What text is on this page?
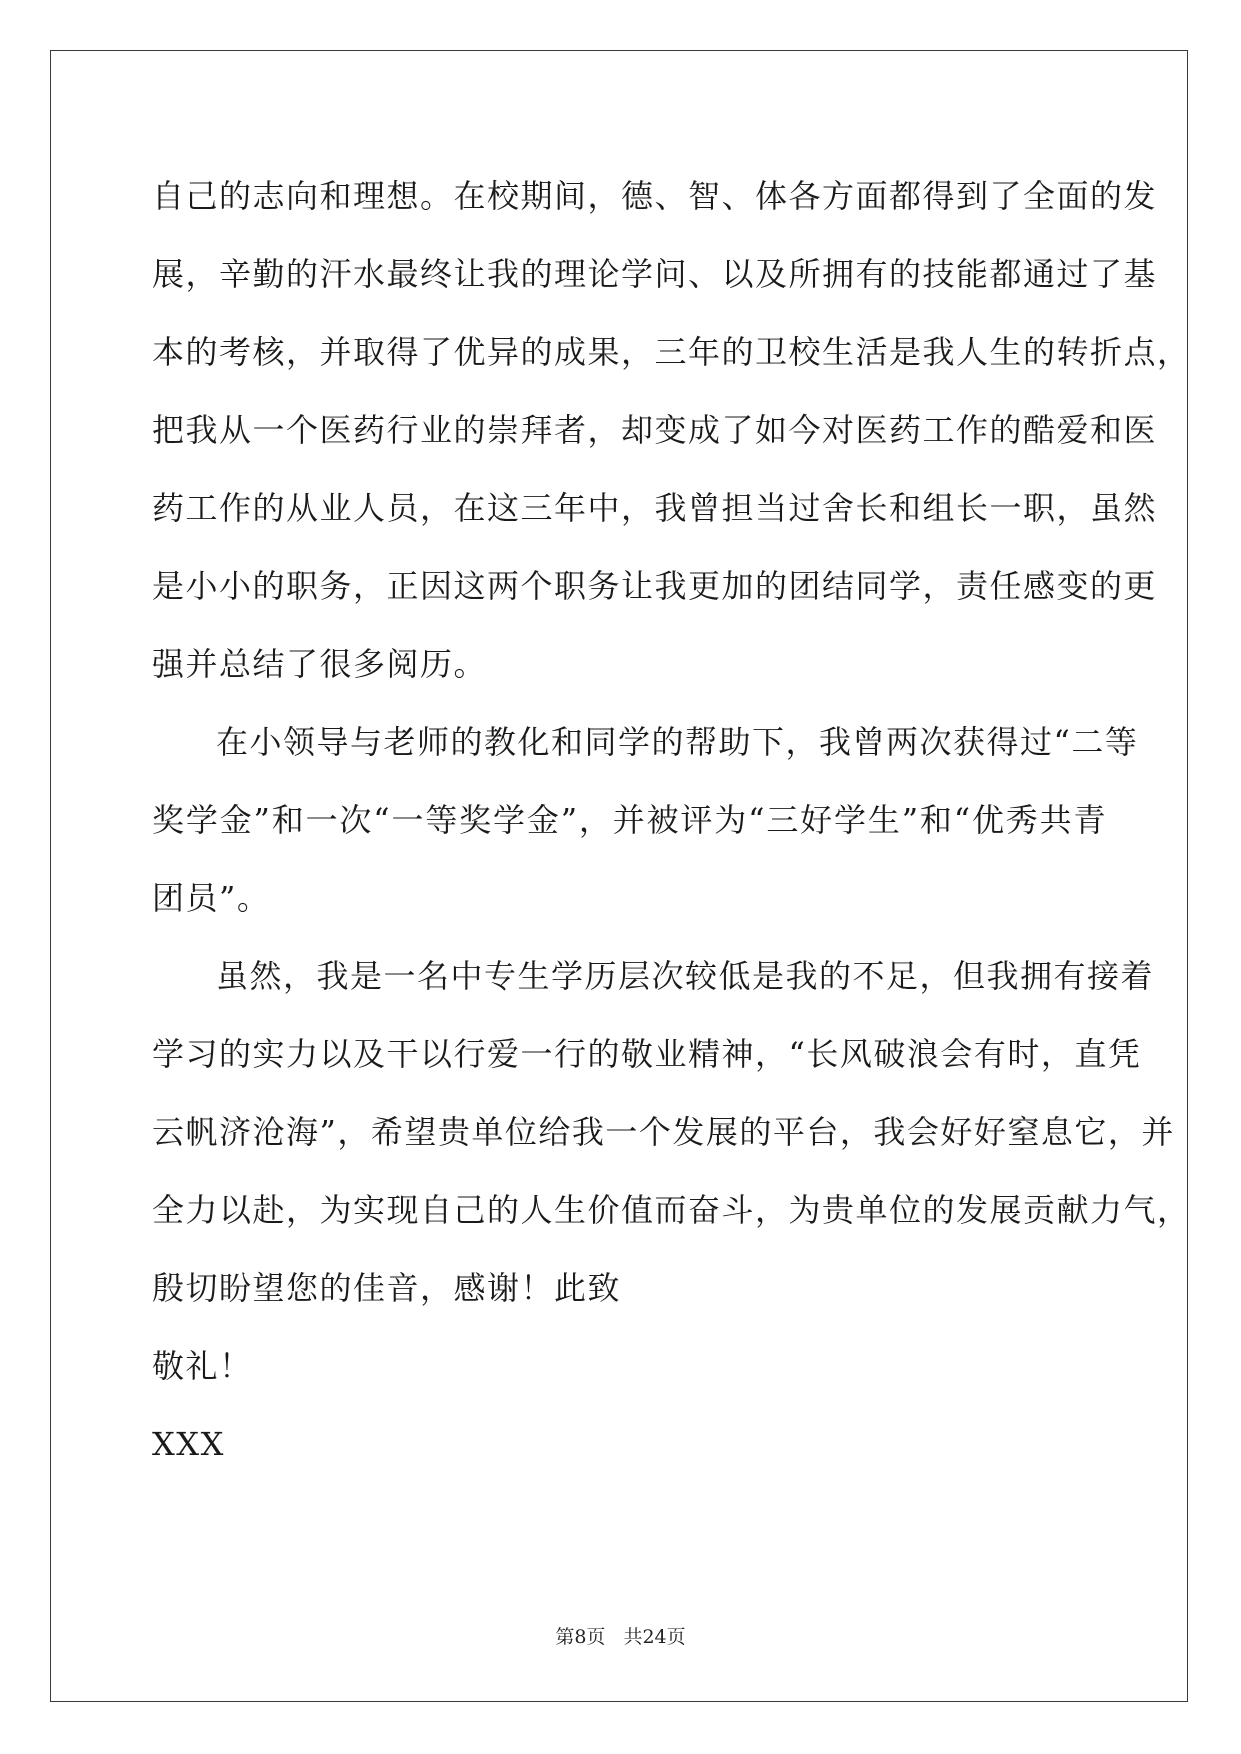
自己的志向和理想。在校期间，德、智、体各方面都得到了全面的发
展，辛勤的汗水最终让我的理论学问、以及所拥有的技能都通过了基
本的考核，并取得了优异的成果，三年的卫校生活是我人生的转折点，
把我从一个医药行业的崇拜者，却变成了如今对医药工作的酷爱和医
药工作的从业人员，在这三年中，我曾担当过舍长和组长一职，虽然
是小小的职务，正因这两个职务让我更加的团结同学，责任感变的更
强并总结了很多阅历。
在小领导与老师的教化和同学的帮助下，我曾两次获得过“二等
奖学金”和一次“一等奖学金”，并被评为“三好学生”和“优秀共青
团员”。
虽然，我是一名中专生学历层次较低是我的不足，但我拥有接着
学习的实力以及干以行爱一行的敬业精神，“长风破浪会有时，直凭
云帆济沧海”，希望贵单位给我一个发展的平台，我会好好窒息它，并
全力以赴，为实现自己的人生价值而奋斗，为贵单位的发展贡献力气，
殷切盼望您的佳音，感谢！此致
敬礼！
XXX
第8页 共24页
